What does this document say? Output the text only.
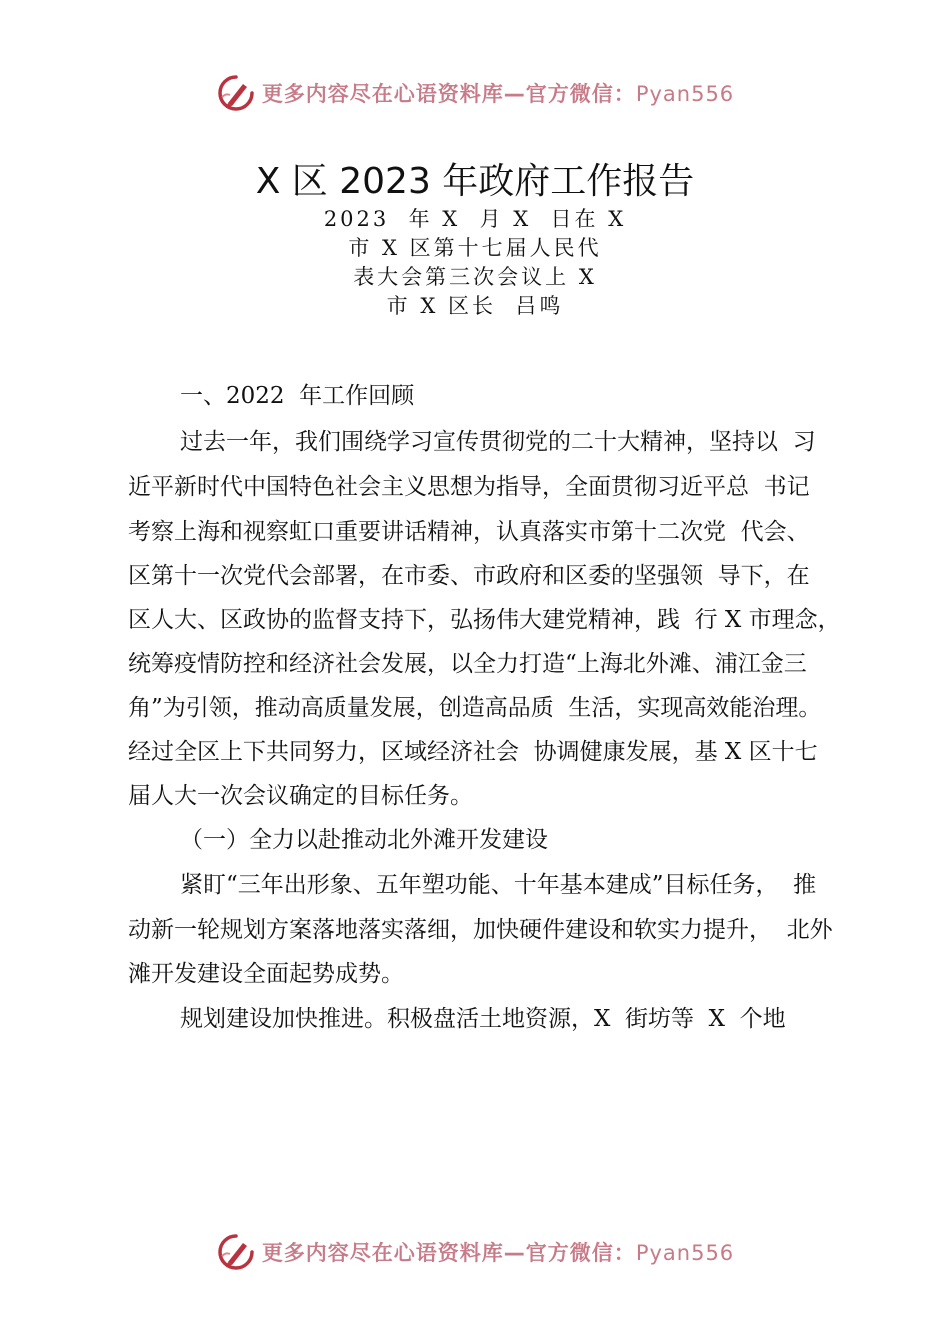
更多内容尽在心语资料库—官方微信：Pyan556
X 区 2023 年政府工作报告

2023  年 X  月 X  日在 X

市 X 区第十七届人民代

表大会第三次会议上 X

市 X 区长  吕鸣

一、2022  年工作回顾

过去一年，我们围绕学习宣传贯彻党的二十大精神，坚持以  习

近平新时代中国特色社会主义思想为指导，全面贯彻习近平总  书记

考察上海和视察虹口重要讲话精神，认真落实市第十二次党  代会、

区第十一次党代会部署，在市委、市政府和区委的坚强领  导下，在

区人大、区政协的监督支持下，弘扬伟大建党精神，践  行 X 市理念，

统筹疫情防控和经济社会发展，以全力打造“上海北外滩、浦江金三

角”为引领，推动高质量发展，创造高品质  生活，实现高效能治理。

经过全区上下共同努力，区域经济社会  协调健康发展，基 X 区十七

届人大一次会议确定的目标任务。

（一）全力以赴推动北外滩开发建设

紧盯“三年出形象、五年塑功能、十年基本建成”目标任务，  推

动新一轮规划方案落地落实落细，加快硬件建设和软实力提升，  北外

滩开发建设全面起势成势。

规划建设加快推进。积极盘活土地资源，X  街坊等  X  个地

更多内容尽在心语资料库—官方微信：Pyan556
